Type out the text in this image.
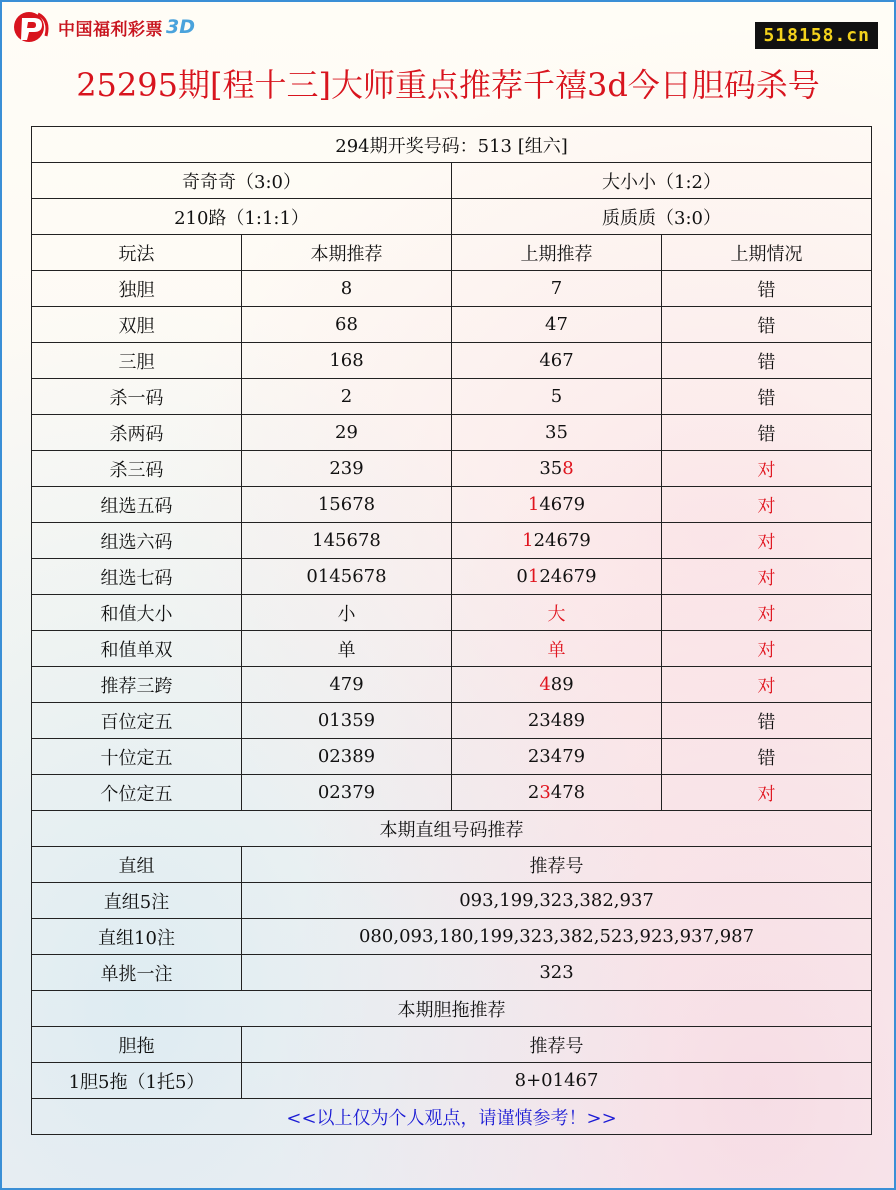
中国福利彩票 3D	518158.cn
25295期[程十三]大师重点推荐千禧3d今日胆码杀号
294期开奖号码：513 [组六]			
奇奇奇（3:0）		大小小（1:2）	
210路（1:1:1）		质质质（3:0）	
玩法	本期推荐	上期推荐	上期情况
独胆	8	7	错
双胆	68	47	错
三胆	168	467	错
杀一码	2	5	错
杀两码	29	35	错
杀三码	239	358	对
组选五码	15678	14679	对
组选六码	145678	124679	对
组选七码	0145678	0124679	对
和值大小	小	大	对
和值单双	单	单	对
推荐三跨	479	489	对
百位定五	01359	23489	错
十位定五	02389	23479	错
个位定五	02379	23478	对
本期直组号码推荐			
直组	推荐号		
直组5注	093,199,323,382,937		
直组10注	080,093,180,199,323,382,523,923,937,987		
单挑一注	323		
本期胆拖推荐			
胆拖	推荐号		
1胆5拖（1托5）	8+01467		
<<以上仅为个人观点，请谨慎参考！>>			
